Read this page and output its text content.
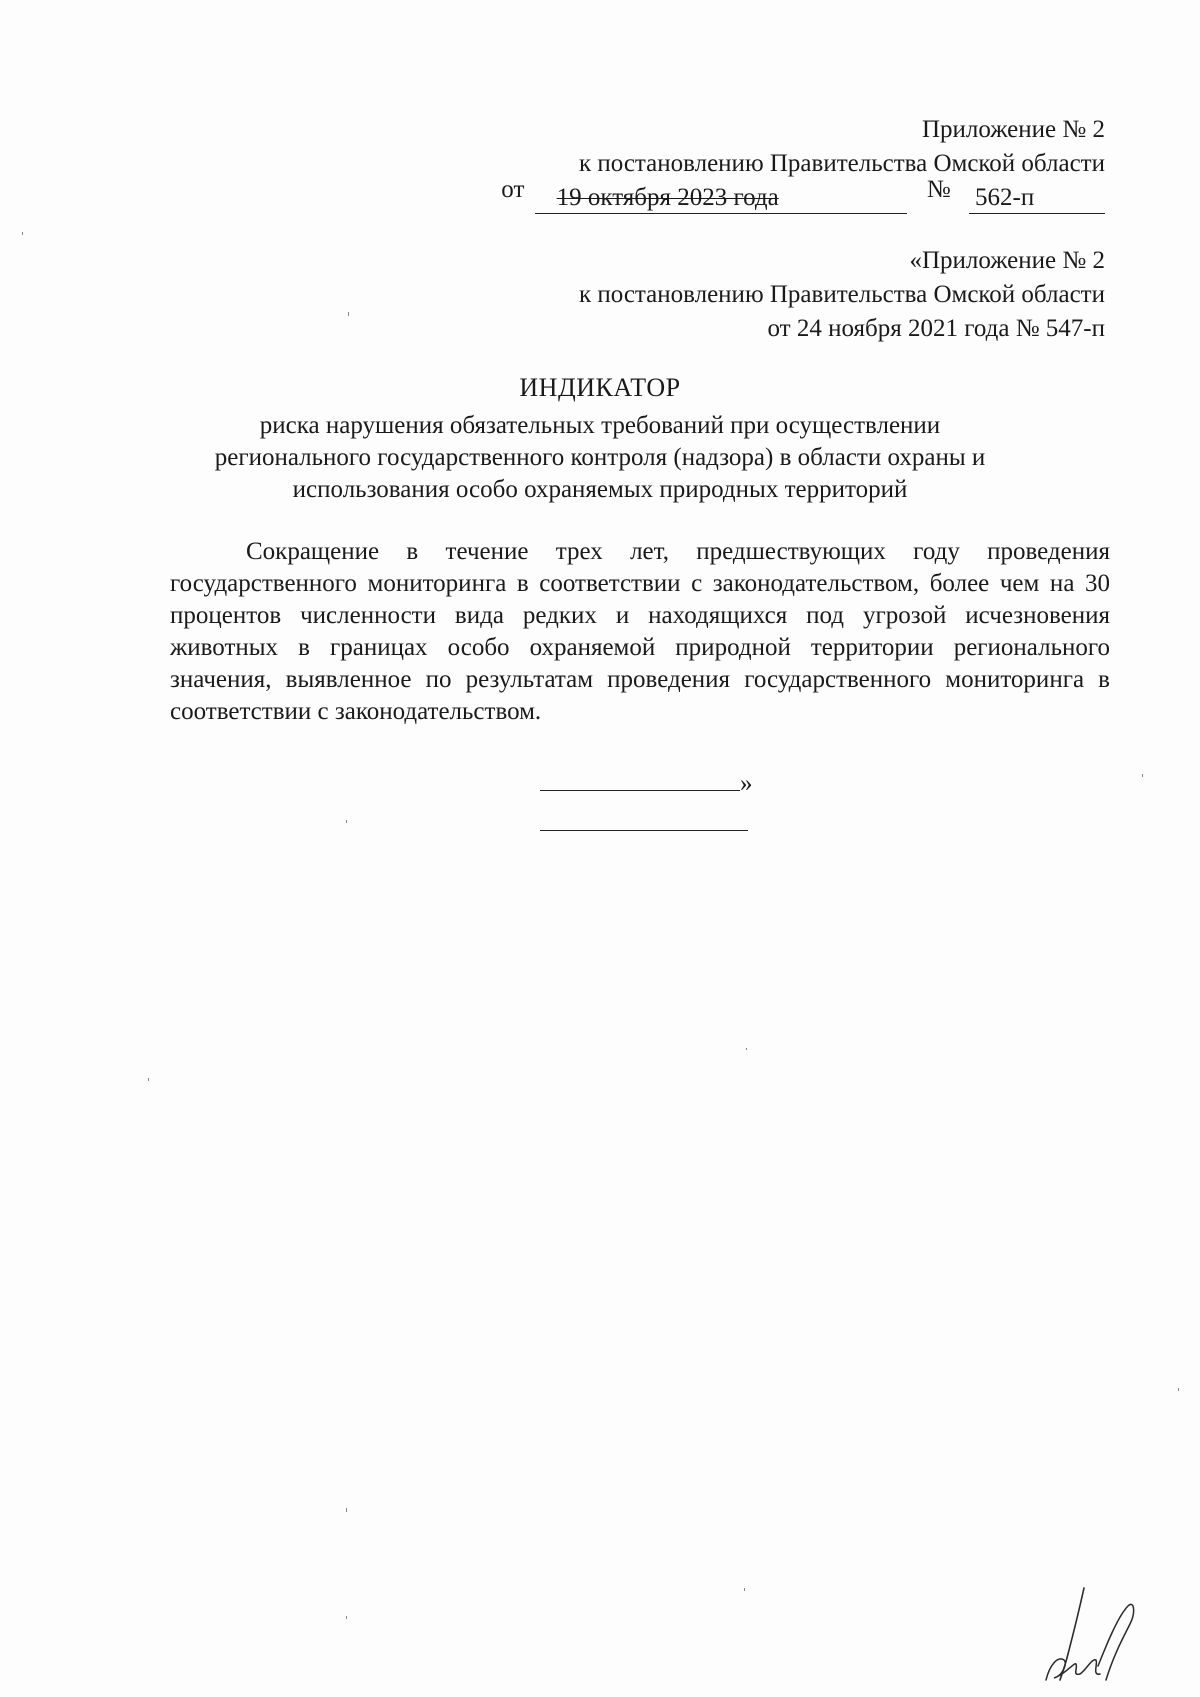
Приложение № 2
к постановлению Правительства Омской области
от 19 октября 2023 года	№ 562-п
«Приложение № 2
к постановлению Правительства Омской области
от 24 ноября 2021 года № 547-п
ИНДИКАТОР
риска нарушения обязательных требований при осуществлении
регионального государственного контроля (надзора) в области охраны и
использования особо охраняемых природных территорий
Сокращение в течение трех лет, предшествующих году проведения государственного мониторинга в соответствии с законодательством, более чем на 30 процентов численности вида редких и находящихся под угрозой исчезновения животных в границах особо охраняемой природной территории регионального значения, выявленное по результатам проведения государственного мониторинга в соответствии с законодательством.
»
